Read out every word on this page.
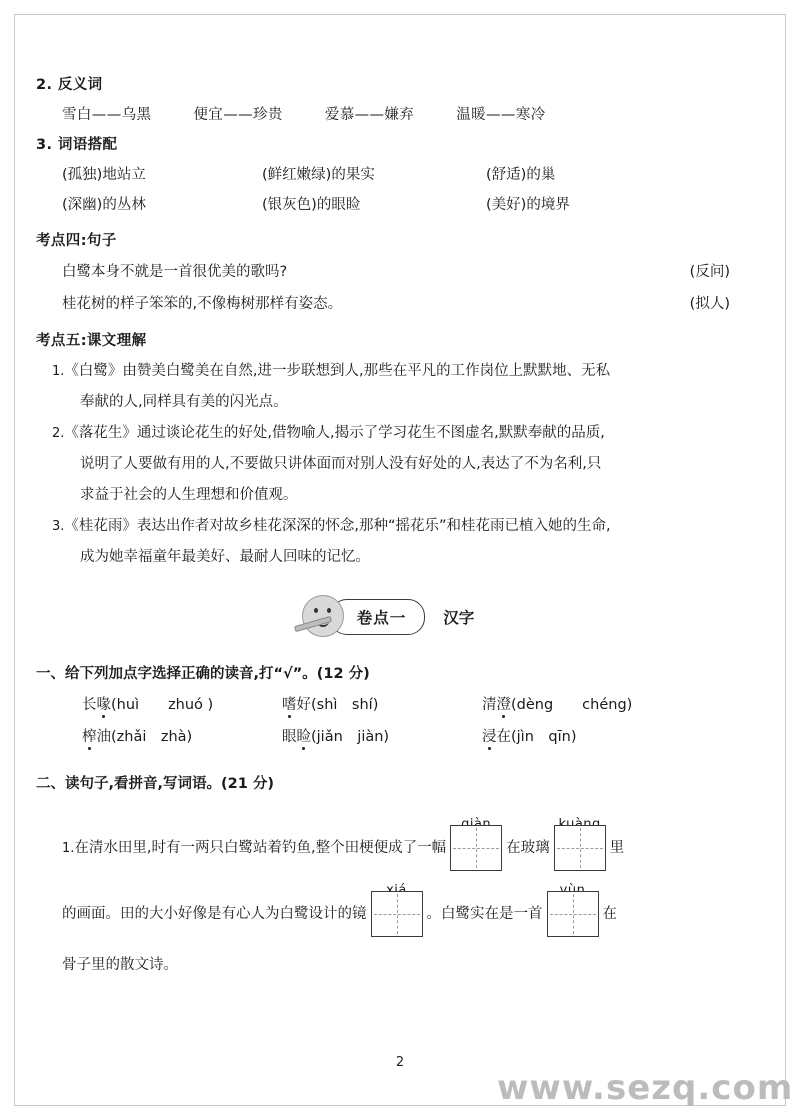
2. 反义词
雪白——乌黑	便宜——珍贵	爱慕——嫌弃	温暖——寒冷
3. 词语搭配
(孤独)地站立	(鲜红嫩绿)的果实	(舒适)的巢
(深幽)的丛林	(银灰色)的眼睑	(美好)的境界
考点四:句子
白鹭本身不就是一首很优美的歌吗?	(反问)
桂花树的样子笨笨的,不像梅树那样有姿态。	(拟人)
考点五:课文理解
1.《白鹭》由赞美白鹭美在自然,进一步联想到人,那些在平凡的工作岗位上默默地、无私
奉献的人,同样具有美的闪光点。
2.《落花生》通过谈论花生的好处,借物喻人,揭示了学习花生不图虚名,默默奉献的品质,
说明了人要做有用的人,不要做只讲体面而对别人没有好处的人,表达了不为名利,只
求益于社会的人生理想和价值观。
3.《桂花雨》表达出作者对故乡桂花深深的怀念,那种“摇花乐”和桂花雨已植入她的生命,
成为她幸福童年最美好、最耐人回味的记忆。
卷点一	汉字
一、给下列加点字选择正确的读音,打“√”。(12 分)
长喙(huì　　zhuó )	嗜好(shì　shí)	清澄(dèng　　chéng)
榨油(zhǎi　zhà)	眼睑(jiǎn　jiàn)	浸在(jìn　qīn)
二、读句子,看拼音,写词语。(21 分)
1.在清水田里,时有一两只白鹭站着钓鱼,整个田梗便成了一幅	在玻璃	里
的画面。田的大小好像是有心人为白鹭设计的镜	。白鹭实在是一首	在
骨子里的散文诗。
2
www.sezq.com
